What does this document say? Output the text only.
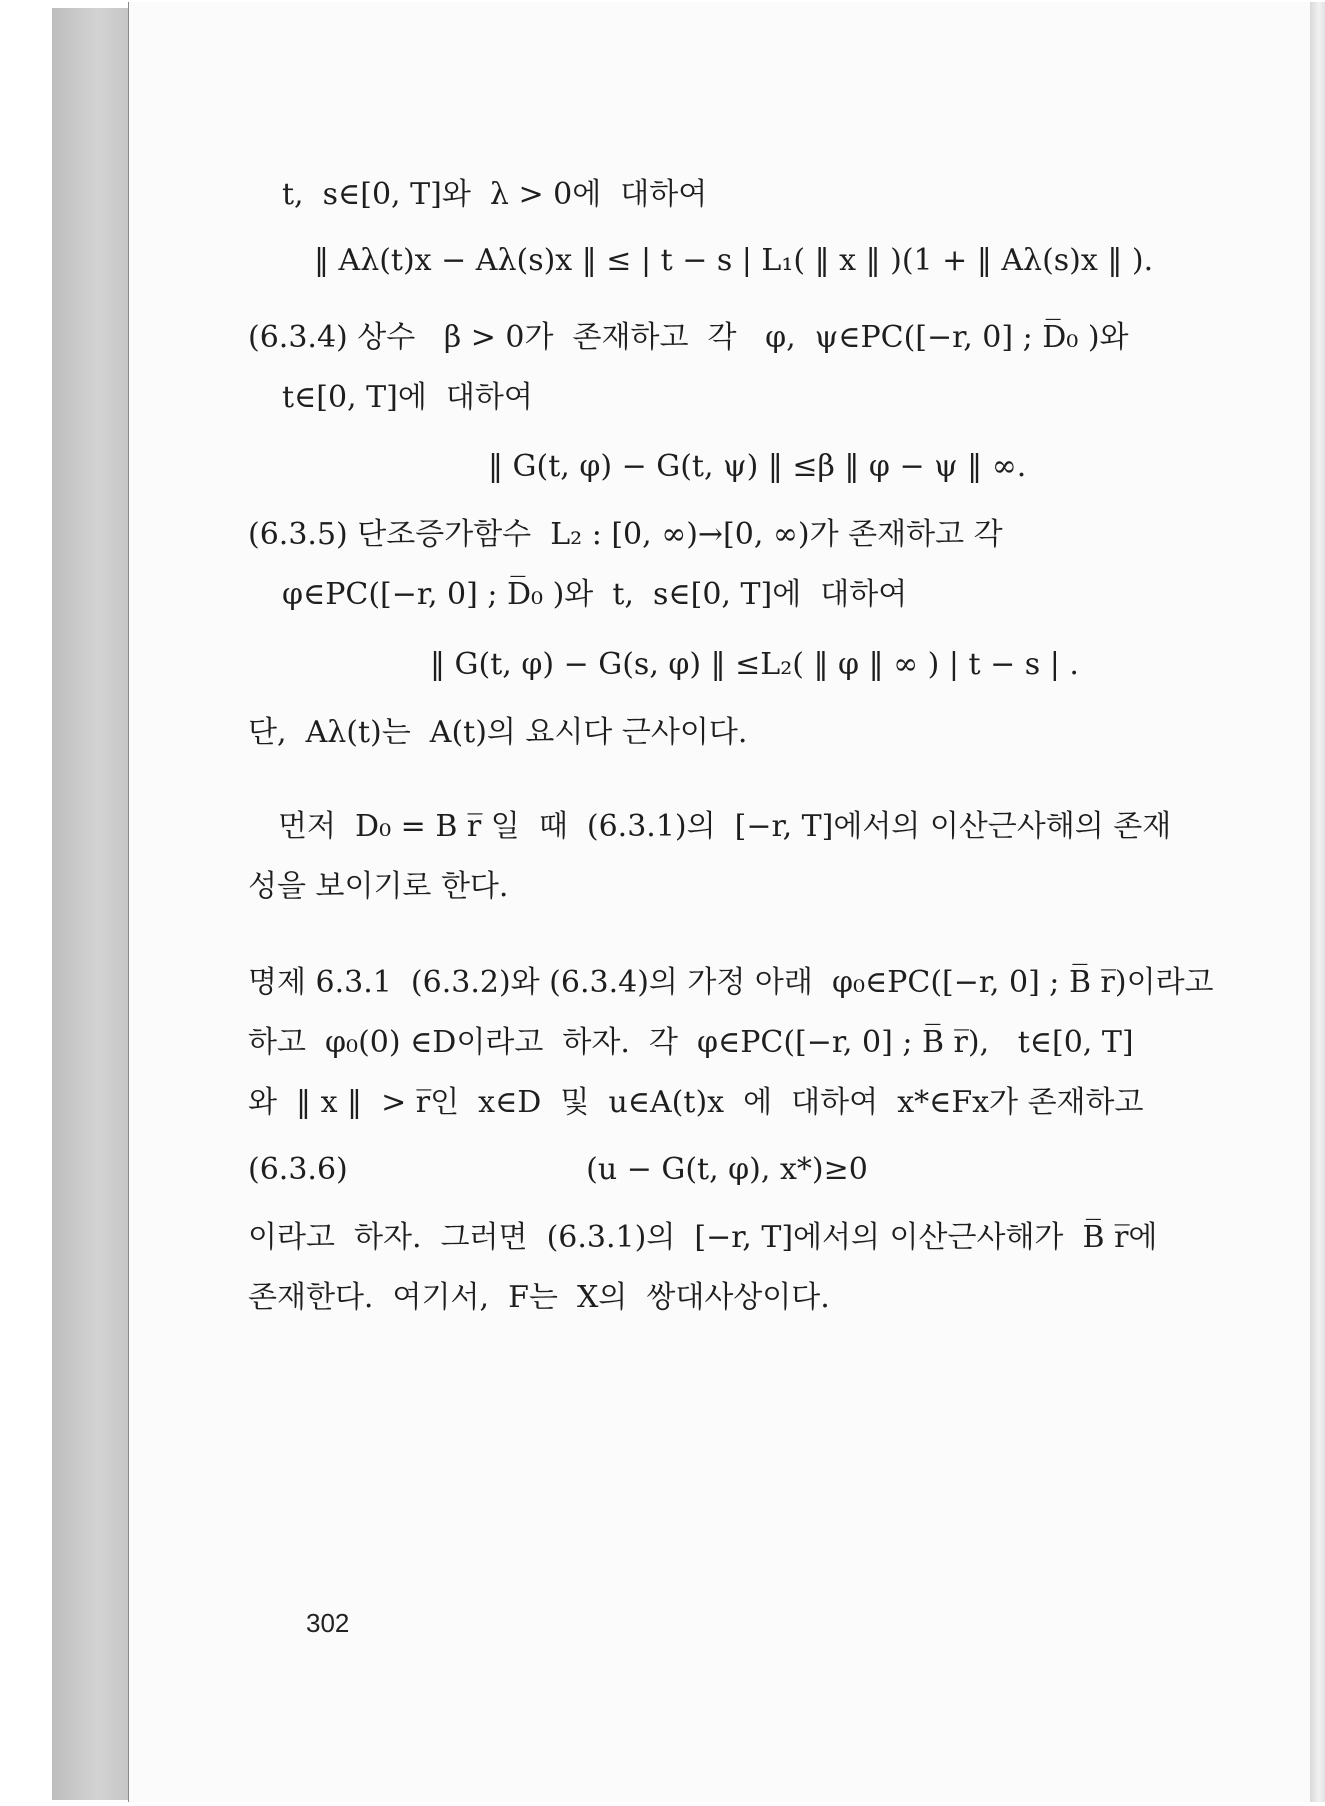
t,  s∈[0, T]와  λ > 0에  대하여
‖ Aλ(t)x − Aλ(s)x ‖ ≤ | t − s | L₁( ‖ x ‖ )(1 + ‖ Aλ(s)x ‖ ).
(6.3.4) 상수   β > 0가  존재하고  각   φ,  ψ∈PC([−r, 0] ; D̅₀ )와
t∈[0, T]에  대하여
‖ G(t, φ) − G(t, ψ) ‖ ≤β ‖ φ − ψ ‖ ∞.
(6.3.5) 단조증가함수  L₂ : [0, ∞)→[0, ∞)가 존재하고 각
φ∈PC([−r, 0] ; D̅₀ )와  t,  s∈[0, T]에  대하여
‖ G(t, φ) − G(s, φ) ‖ ≤L₂( ‖ φ ‖ ∞ ) | t − s | .
단,  Aλ(t)는  A(t)의 요시다 근사이다.
먼저  D₀ = B r̅ 일  때  (6.3.1)의  [−r, T]에서의 이산근사해의 존재
성을 보이기로 한다.
명제 6.3.1  (6.3.2)와 (6.3.4)의 가정 아래  φ₀∈PC([−r, 0] ; B̅ r̅)이라고
하고  φ₀(0) ∈D이라고  하자.  각  φ∈PC([−r, 0] ; B̅ r̅),   t∈[0, T]
와  ‖ x ‖  > r̅인  x∈D  및  u∈A(t)x  에  대하여  x*∈Fx가 존재하고
(6.3.6)                         (u − G(t, φ), x*)≥0
이라고  하자.  그러면  (6.3.1)의  [−r, T]에서의 이산근사해가  B̅ r̅에
존재한다.  여기서,  F는  X의  쌍대사상이다.
302
